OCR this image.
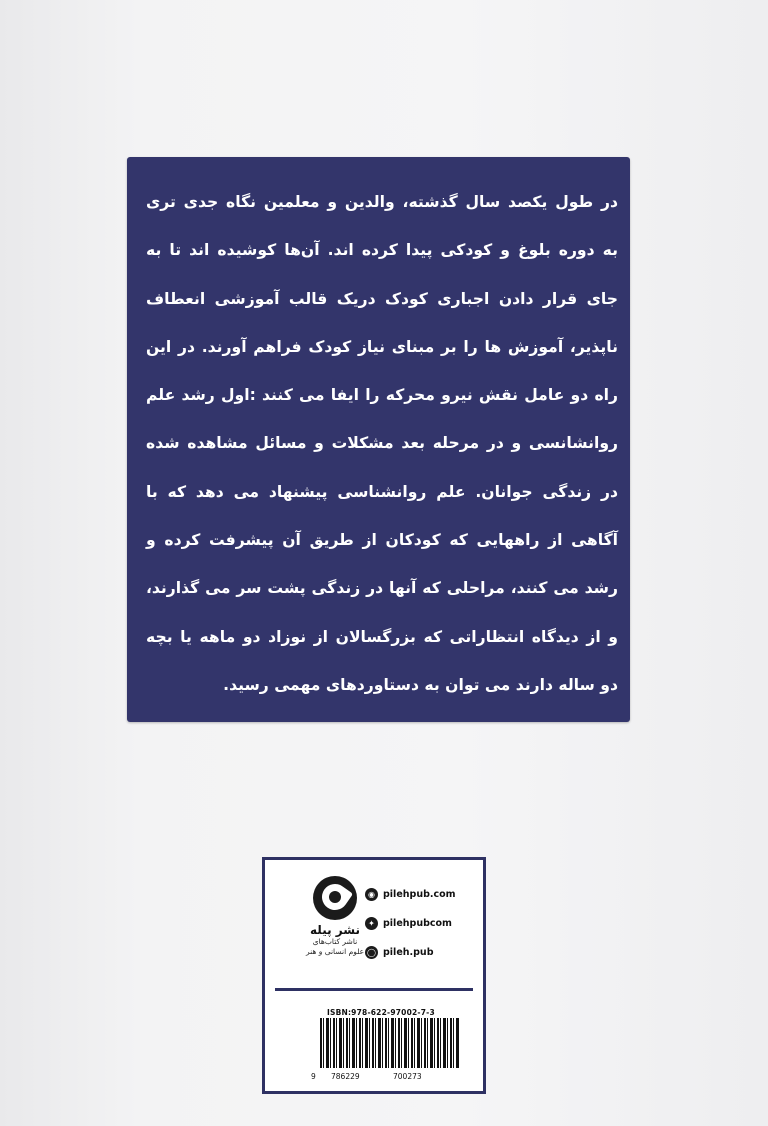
در طول یکصد سال گذشته، والدین و معلمین نگاه جدی تری
به دوره بلوغ و کودکی پیدا کرده اند. آن‌ها کوشیده اند تا به
جای قرار دادن اجباری کودک دریک قالب آموزشی انعطاف
ناپذیر، آموزش ها را بر مبنای نیاز کودک فراهم آورند. در این
راه دو عامل نقش نیرو محرکه را ایفا می کنند :اول رشد علم
روانشانسی و در مرحله بعد مشکلات و مسائل مشاهده شده
در زندگی جوانان. علم روانشناسی پیشنهاد می دهد که با
آگاهی از راههایی که کودکان از طریق آن پیشرفت کرده و
رشد می کنند، مراحلی که آنها در زندگی پشت سر می گذارند،
و از دیدگاه انتظاراتی که بزرگسالان از نوزاد دو ماهه یا بچه
دو ساله دارند می توان به دستاوردهای مهمی رسید.
نشر پیله
ناشر کتاب‌های
علوم انسانی و هنر
◉ pilehpub.com
✦ pilehpubcom
◯ pileh.pub
ISBN:978-622-97002-7-3
9 786229	700273
